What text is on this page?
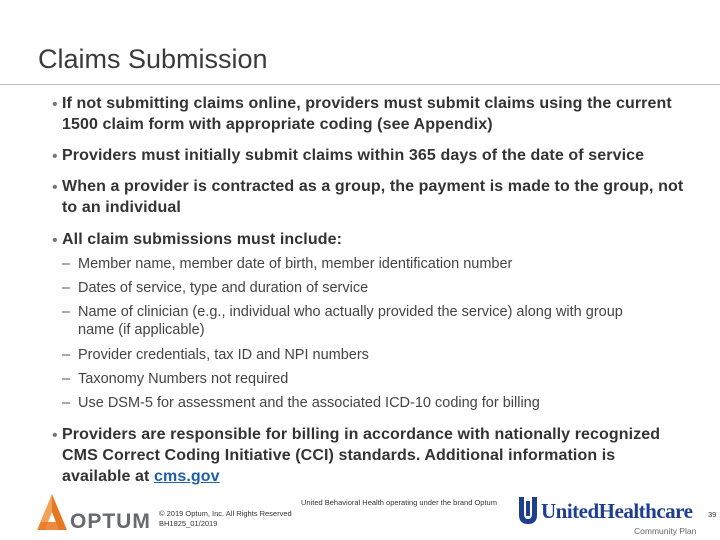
Claims Submission
• If not submitting claims online, providers must submit claims using the current 1500 claim form with appropriate coding (see Appendix)
• Providers must initially submit claims within 365 days of the date of service
• When a provider is contracted as a group, the payment is made to the group, not to an individual
• All claim submissions must include:
– Member name, member date of birth, member identification number
– Dates of service, type and duration of service
– Name of clinician (e.g., individual who actually provided the service) along with group
name (if applicable)
– Provider credentials, tax ID and NPI numbers
– Taxonomy Numbers not required
– Use DSM-5 for assessment and the associated ICD-10 coding for billing
• Providers are responsible for billing in accordance with nationally recognized
CMS Correct Coding Initiative (CCI) standards. Additional information is
available at cms.gov
OPTUM © 2019 Optum, Inc. All Rights Reserved
BH1825_01/2019
United Behavioral Health operating under the brand Optum UnitedHealthcare
Community Plan
39
